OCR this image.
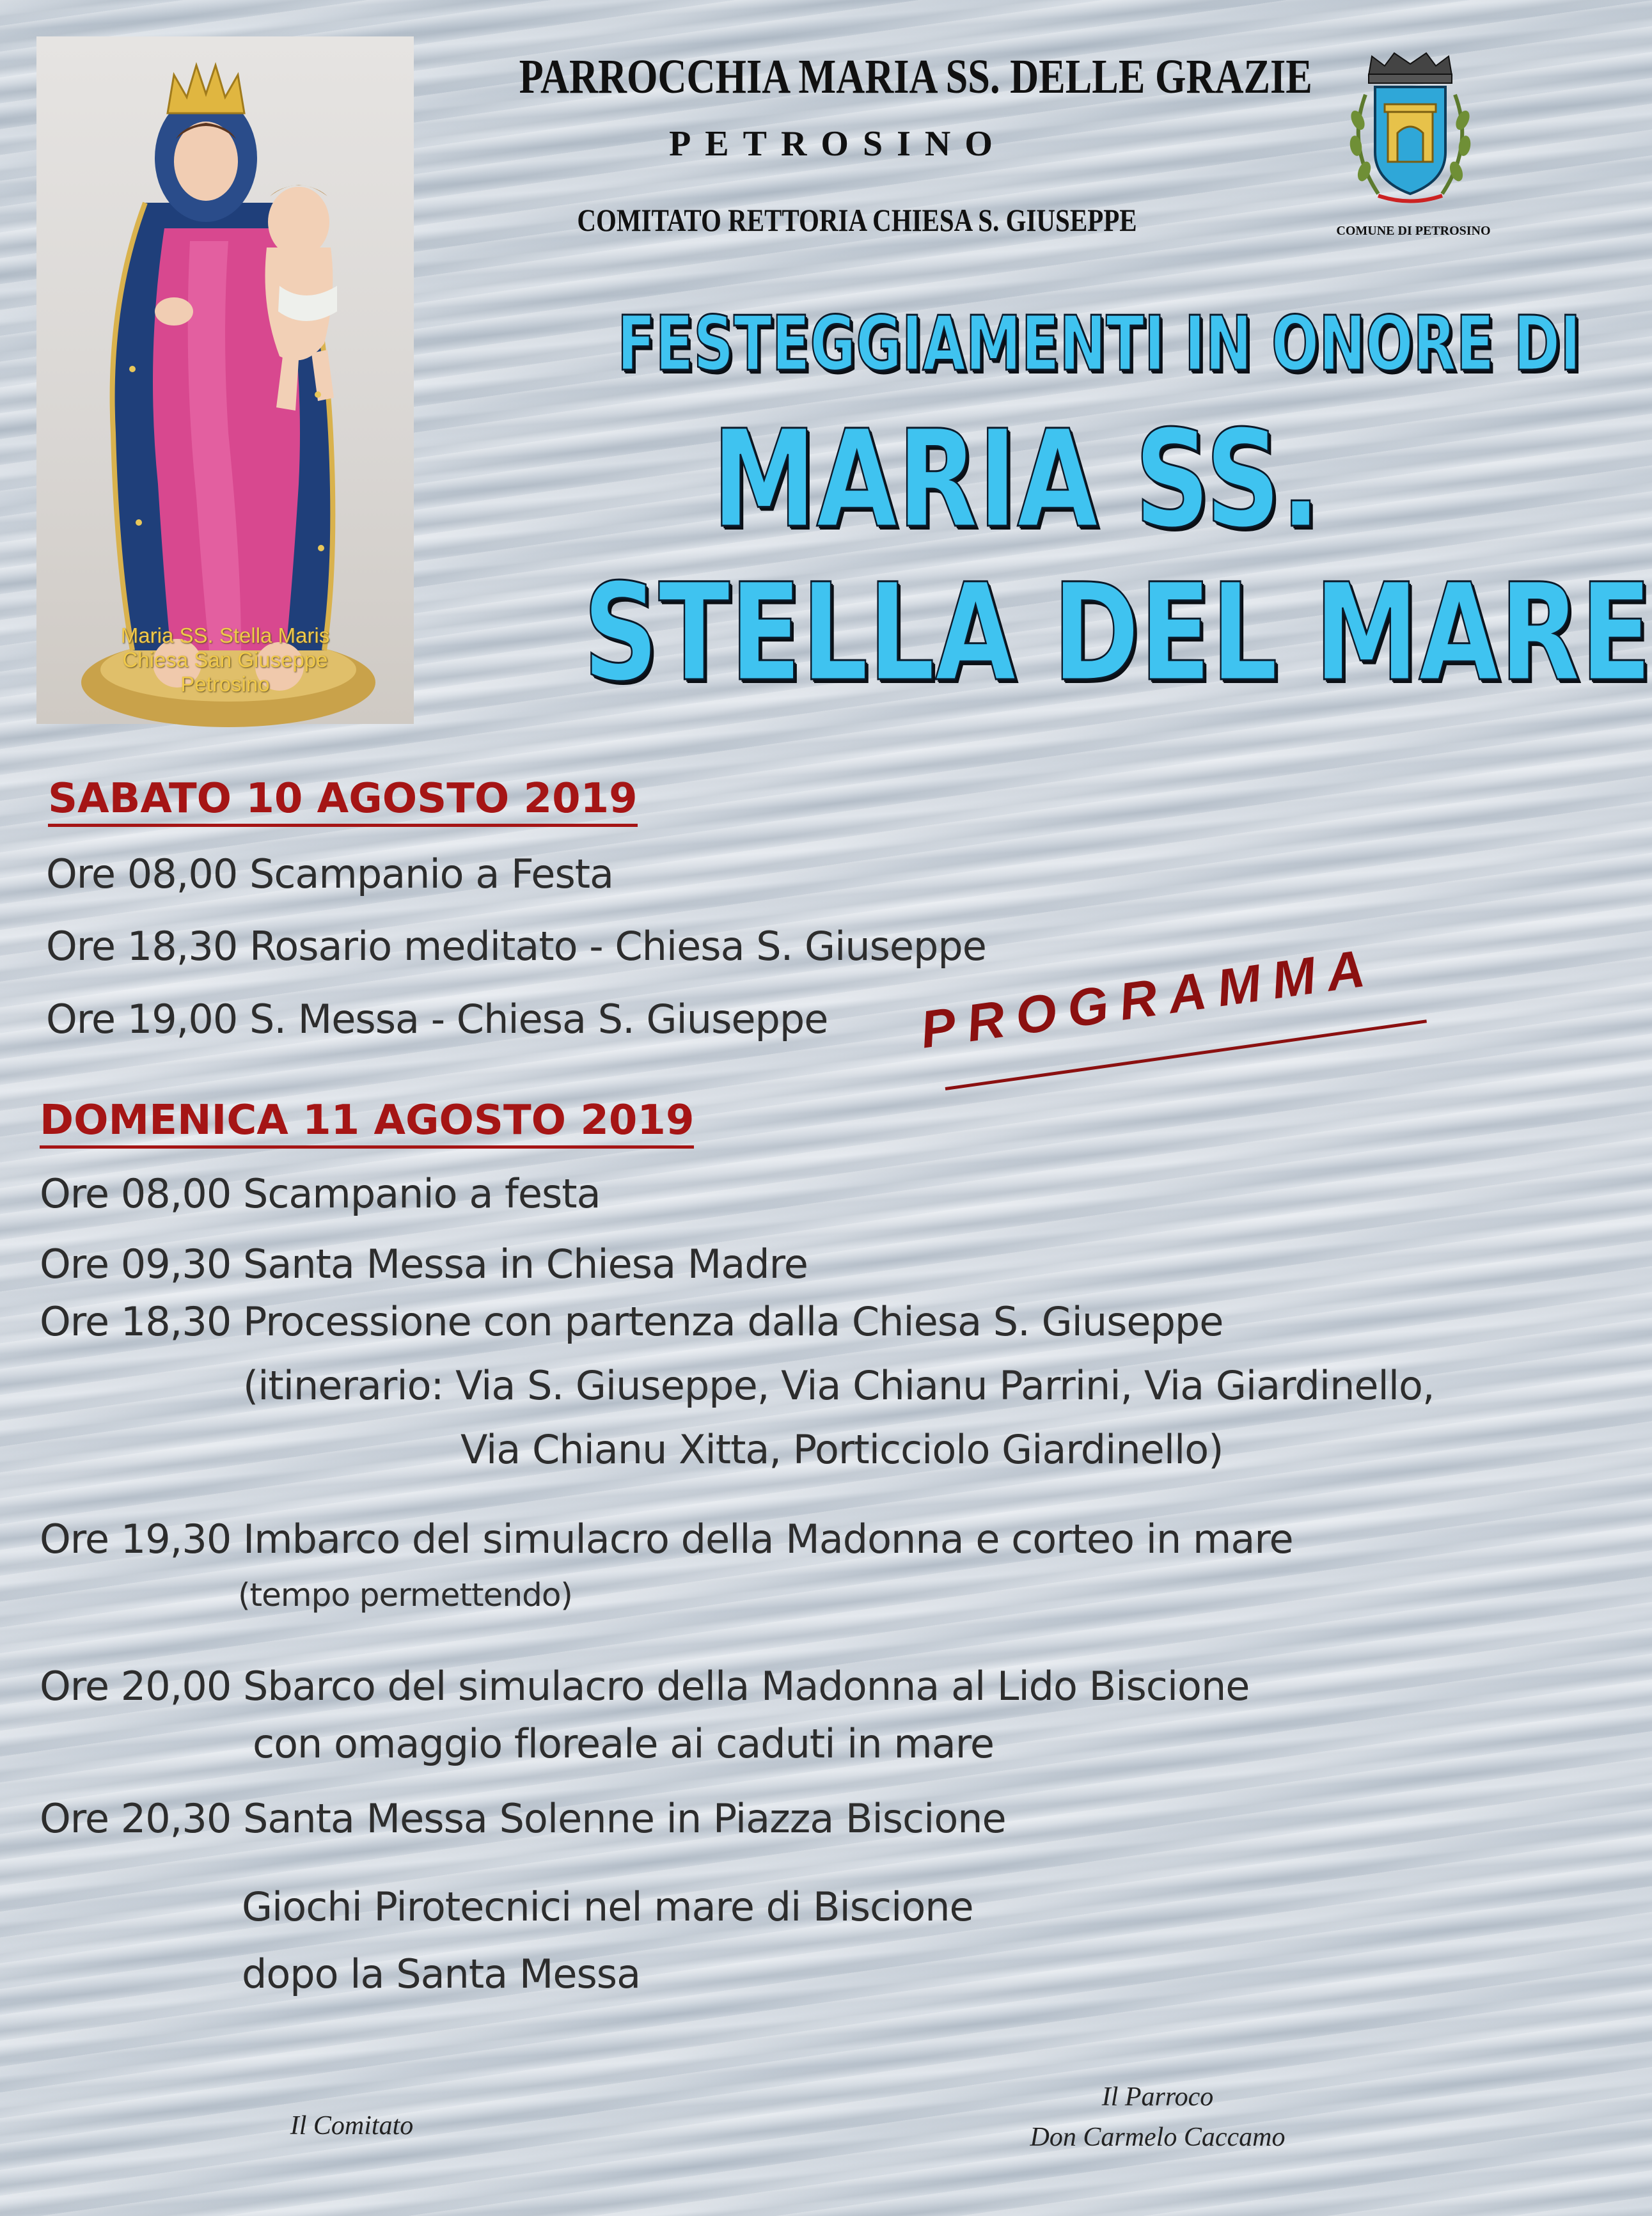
Maria SS. Stella Maris
Chiesa San Giuseppe
Petrosino
PARROCCHIA MARIA SS. DELLE GRAZIE
PETROSINO
COMITATO RETTORIA CHIESA S. GIUSEPPE	COMUNE DI PETROSINO
FESTEGGIAMENTI IN ONORE DI
MARIA SS.
STELLA DEL MARE
PROGRAMMA
SABATO 10 AGOSTO 2019
Ore 08,00 Scampanio a Festa
Ore 18,30 Rosario meditato - Chiesa S. Giuseppe
Ore 19,00 S. Messa - Chiesa S. Giuseppe
DOMENICA 11 AGOSTO 2019
Ore 08,00 Scampanio a festa
Ore 09,30 Santa Messa in Chiesa Madre
Ore 18,30 Processione con partenza dalla Chiesa S. Giuseppe
(itinerario: Via S. Giuseppe, Via Chianu Parrini, Via Giardinello,
Via Chianu Xitta, Porticciolo Giardinello)
Ore 19,30 Imbarco del simulacro della Madonna e corteo in mare
(tempo permettendo)
Ore 20,00 Sbarco del simulacro della Madonna al Lido Biscione
con omaggio floreale ai caduti in mare
Ore 20,30 Santa Messa Solenne in Piazza Biscione
Giochi Pirotecnici nel mare di Biscione
dopo la Santa Messa
Il Comitato
Il Parroco
Don Carmelo Caccamo
